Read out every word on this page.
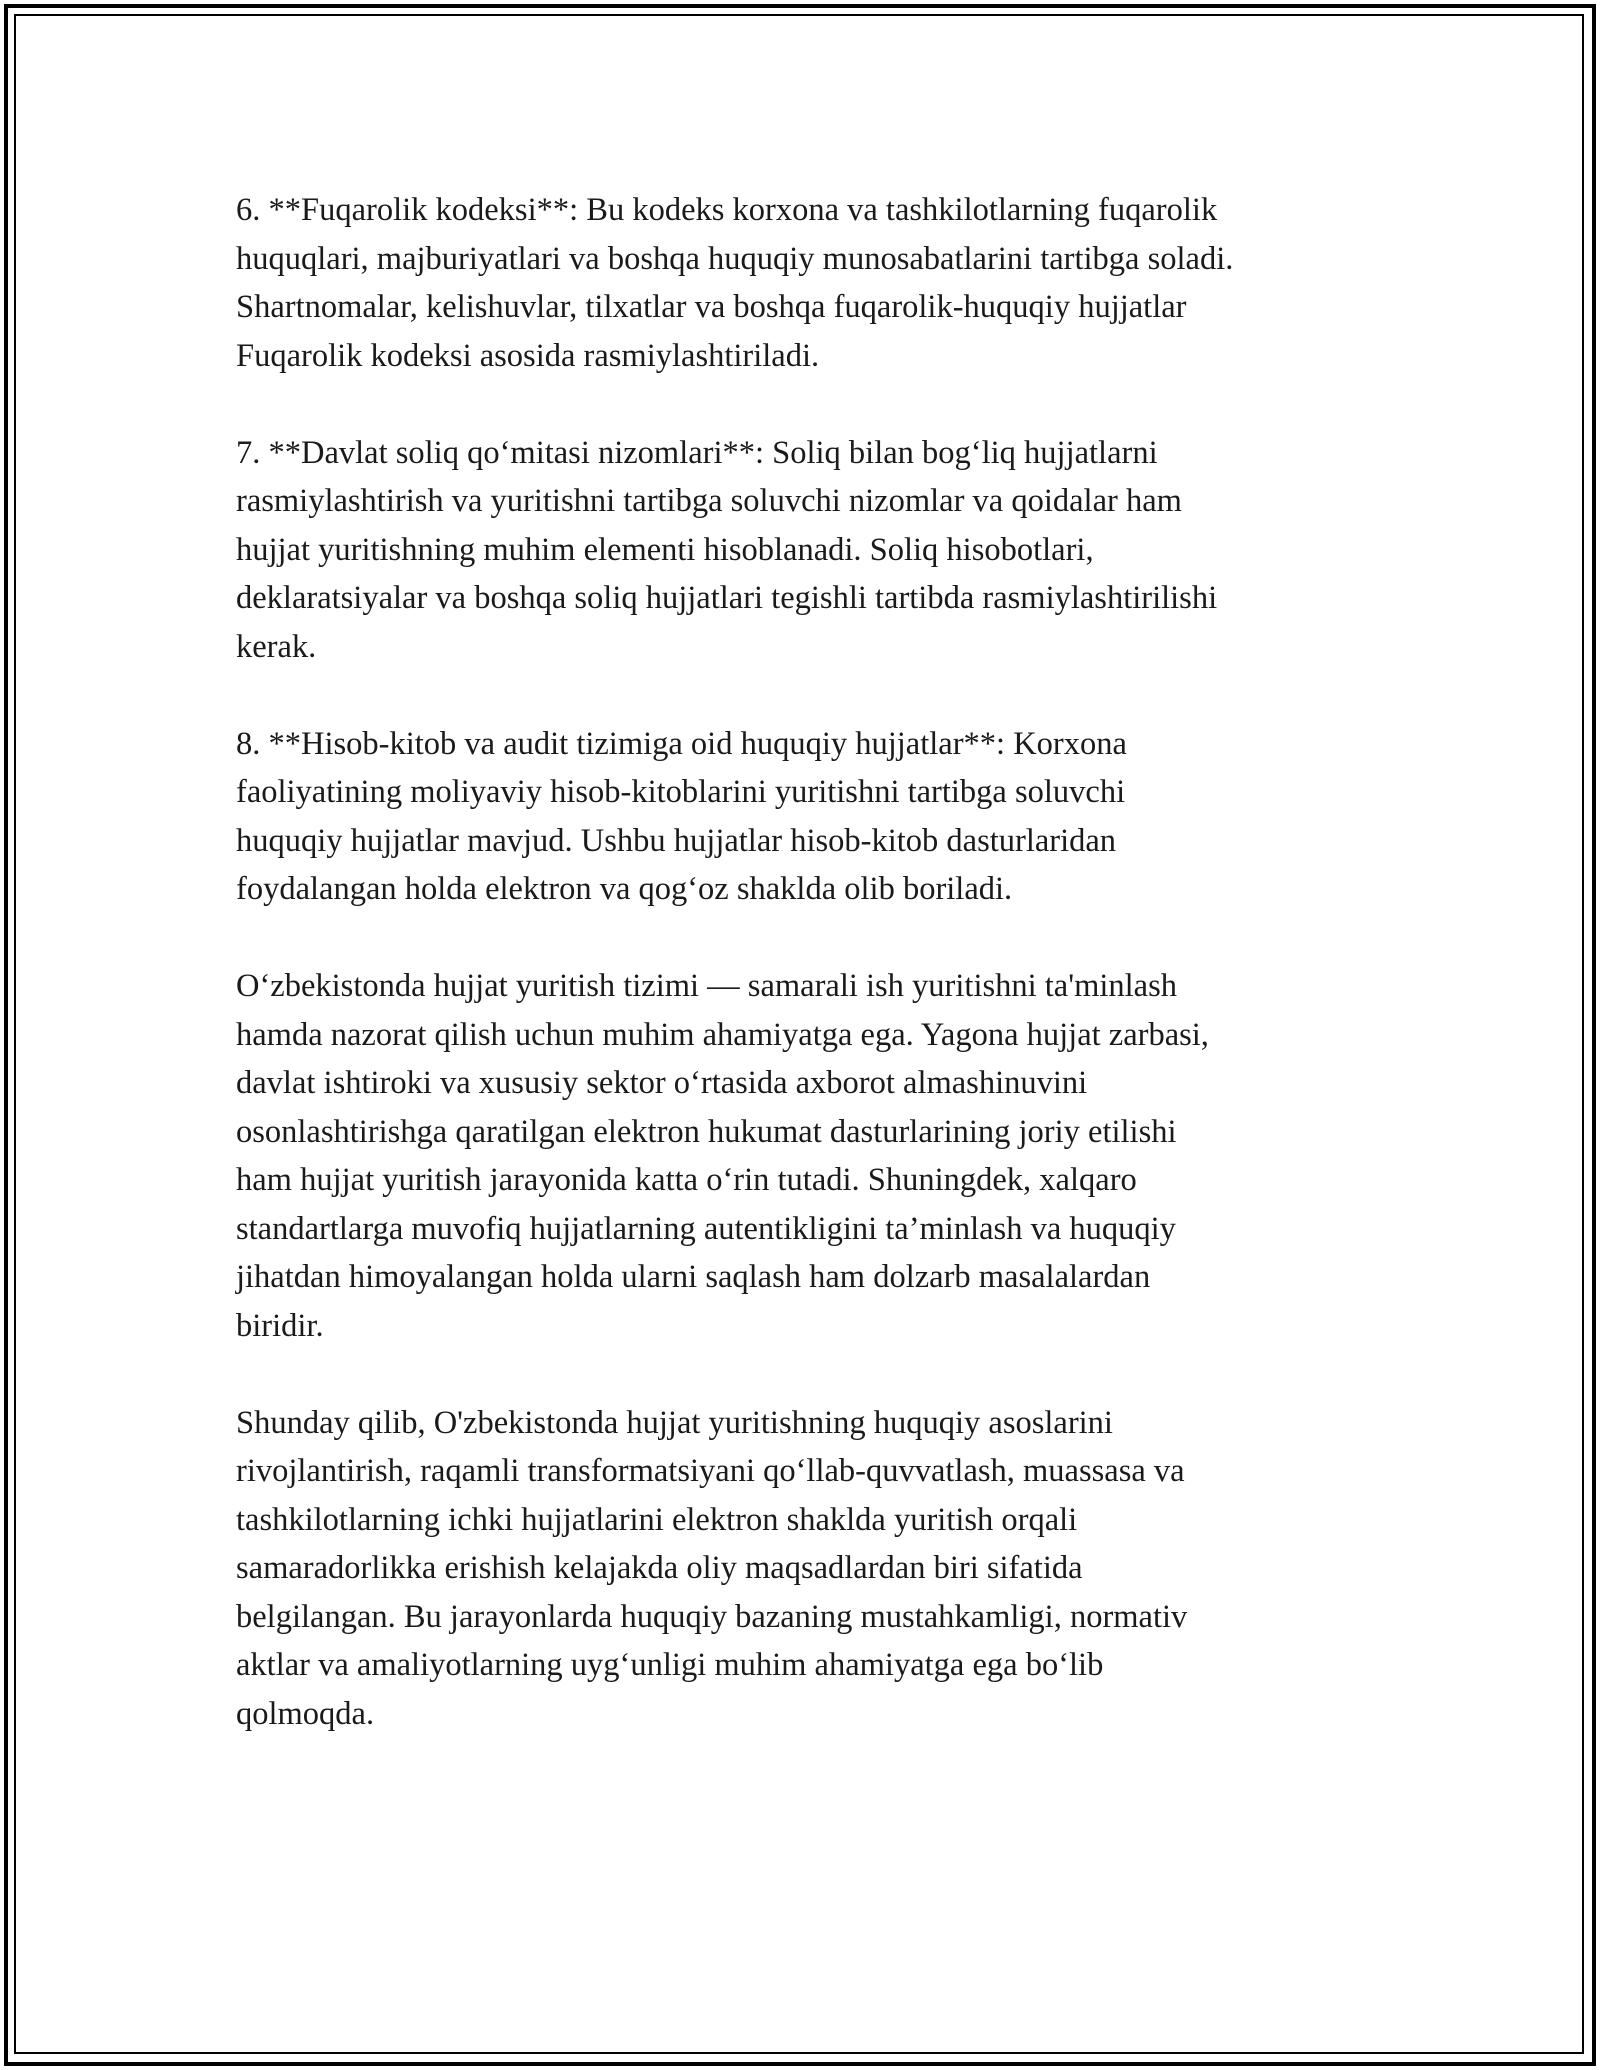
6. **Fuqarolik kodeksi**: Bu kodeks korxona va tashkilotlarning fuqarolik
huquqlari, majburiyatlari va boshqa huquqiy munosabatlarini tartibga soladi.
Shartnomalar, kelishuvlar, tilxatlar va boshqa fuqarolik-huquqiy hujjatlar
Fuqarolik kodeksi asosida rasmiylashtiriladi.
7. **Davlat soliq qo‘mitasi nizomlari**: Soliq bilan bog‘liq hujjatlarni
rasmiylashtirish va yuritishni tartibga soluvchi nizomlar va qoidalar ham
hujjat yuritishning muhim elementi hisoblanadi. Soliq hisobotlari,
deklaratsiyalar va boshqa soliq hujjatlari tegishli tartibda rasmiylashtirilishi
kerak.
8. **Hisob-kitob va audit tizimiga oid huquqiy hujjatlar**: Korxona
faoliyatining moliyaviy hisob-kitoblarini yuritishni tartibga soluvchi
huquqiy hujjatlar mavjud. Ushbu hujjatlar hisob-kitob dasturlaridan
foydalangan holda elektron va qog‘oz shaklda olib boriladi.
O‘zbekistonda hujjat yuritish tizimi — samarali ish yuritishni ta'minlash
hamda nazorat qilish uchun muhim ahamiyatga ega. Yagona hujjat zarbasi,
davlat ishtiroki va xususiy sektor o‘rtasida axborot almashinuvini
osonlashtirishga qaratilgan elektron hukumat dasturlarining joriy etilishi
ham hujjat yuritish jarayonida katta o‘rin tutadi. Shuningdek, xalqaro
standartlarga muvofiq hujjatlarning autentikligini ta’minlash va huquqiy
jihatdan himoyalangan holda ularni saqlash ham dolzarb masalalardan
biridir.
Shunday qilib, O'zbekistonda hujjat yuritishning huquqiy asoslarini
rivojlantirish, raqamli transformatsiyani qo‘llab-quvvatlash, muassasa va
tashkilotlarning ichki hujjatlarini elektron shaklda yuritish orqali
samaradorlikka erishish kelajakda oliy maqsadlardan biri sifatida
belgilangan. Bu jarayonlarda huquqiy bazaning mustahkamligi, normativ
aktlar va amaliyotlarning uyg‘unligi muhim ahamiyatga ega bo‘lib
qolmoqda.
